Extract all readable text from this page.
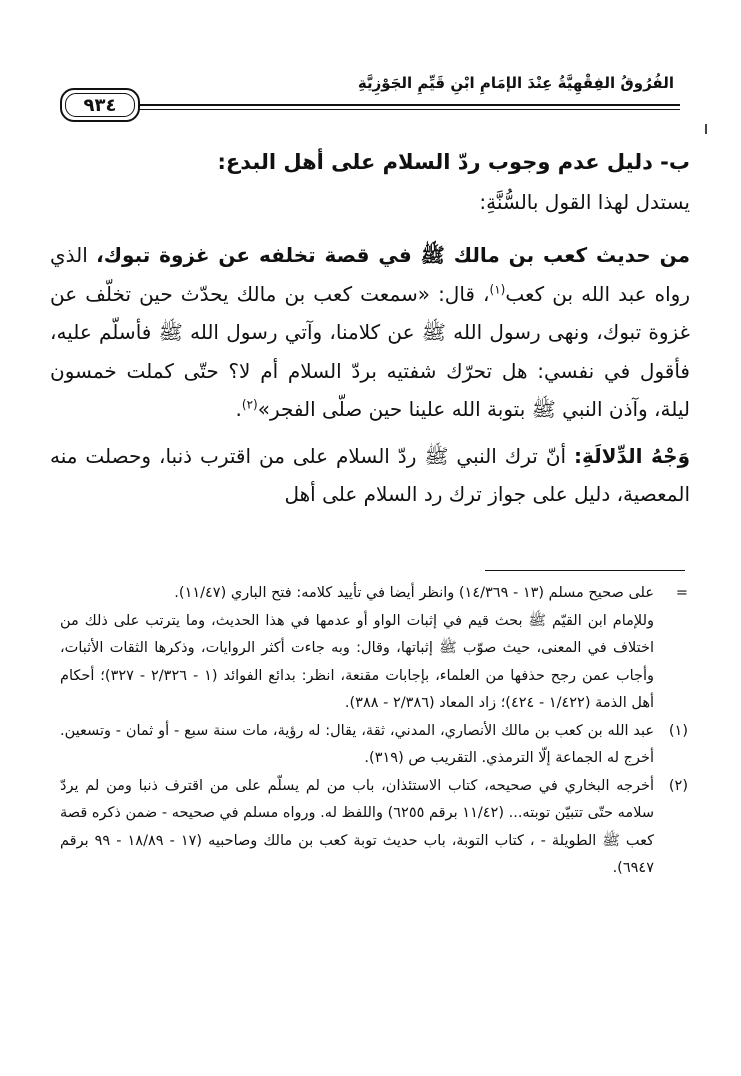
الفُرُوقُ الفِقْهِيَّةُ عِنْدَ الإمَامِ ابْنِ قَيِّمِ الجَوْزِيَّةِ
٩٣٤

ب- دليل عدم وجوب ردّ السلام على أهل البدع:

يستدل لهذا القول بالسُّنَّةِ:

من حديث كعب بن مالك ﷺ في قصة تخلفه عن غزوة تبوك، الذي رواه عبد الله بن كعب$^{(١)}$، قال: «سمعت كعب بن مالك يحدّث حين تخلّف عن غزوة تبوك، ونهى رسول الله ﷺ عن كلامنا، وآتي رسول الله ﷺ فأسلّم عليه، فأقول في نفسي: هل تحرّك شفتيه بردّ السلام أم لا؟ حتّى كملت خمسون ليلة، وآذن النبي ﷺ بتوبة الله علينا حين صلّى الفجر»$^{(٢)}$.

وَجْهُ الدِّلالَةِ: أنّ ترك النبي ﷺ ردّ السلام على من اقترب ذنبا، وحصلت منه المعصية، دليل على جواز ترك رد السلام على أهل

=
على صحيح مسلم (١٣ - ١٤/٣٦٩) وانظر أيضا في تأييد كلامه: فتح الباري (١١/٤٧).

وللإمام ابن القيّم ﷺ بحث قيم في إثبات الواو أو عدمها في هذا الحديث، وما يترتب على ذلك من اختلاف في المعنى، حيث صوّب ﷺ إثباتها، وقال: وبه جاءت أكثر الروايات، وذكرها الثقات الأثبات، وأجاب عمن رجح حذفها من العلماء، بإجابات مقنعة، انظر: بدائع الفوائد (١ - ٢/٣٢٦ - ٣٢٧)؛ أحكام أهل الذمة (١/٤٢٢ - ٤٢٤)؛ زاد المعاد (٢/٣٨٦ - ٣٨٨).

(١)
عبد الله بن كعب بن مالك الأنصاري، المدني، ثقة، يقال: له رؤية، مات سنة سبع - أو ثمان - وتسعين. أخرج له الجماعة إلّا الترمذي. التقريب ص (٣١٩).

(٢)
أخرجه البخاري في صحيحه، كتاب الاستئذان، باب من لم يسلّم على من اقترف ذنبا ومن لم يردّ سلامه حتّى تتبيّن توبته... (١١/٤٢ برقم ٦٢٥٥) واللفظ له. ورواه مسلم في صحيحه - ضمن ذكره قصة كعب ﷺ الطويلة - ، كتاب التوبة، باب حديث توبة كعب بن مالك وصاحبيه (١٧ - ١٨/٨٩ - ٩٩ برقم ٦٩٤٧).
